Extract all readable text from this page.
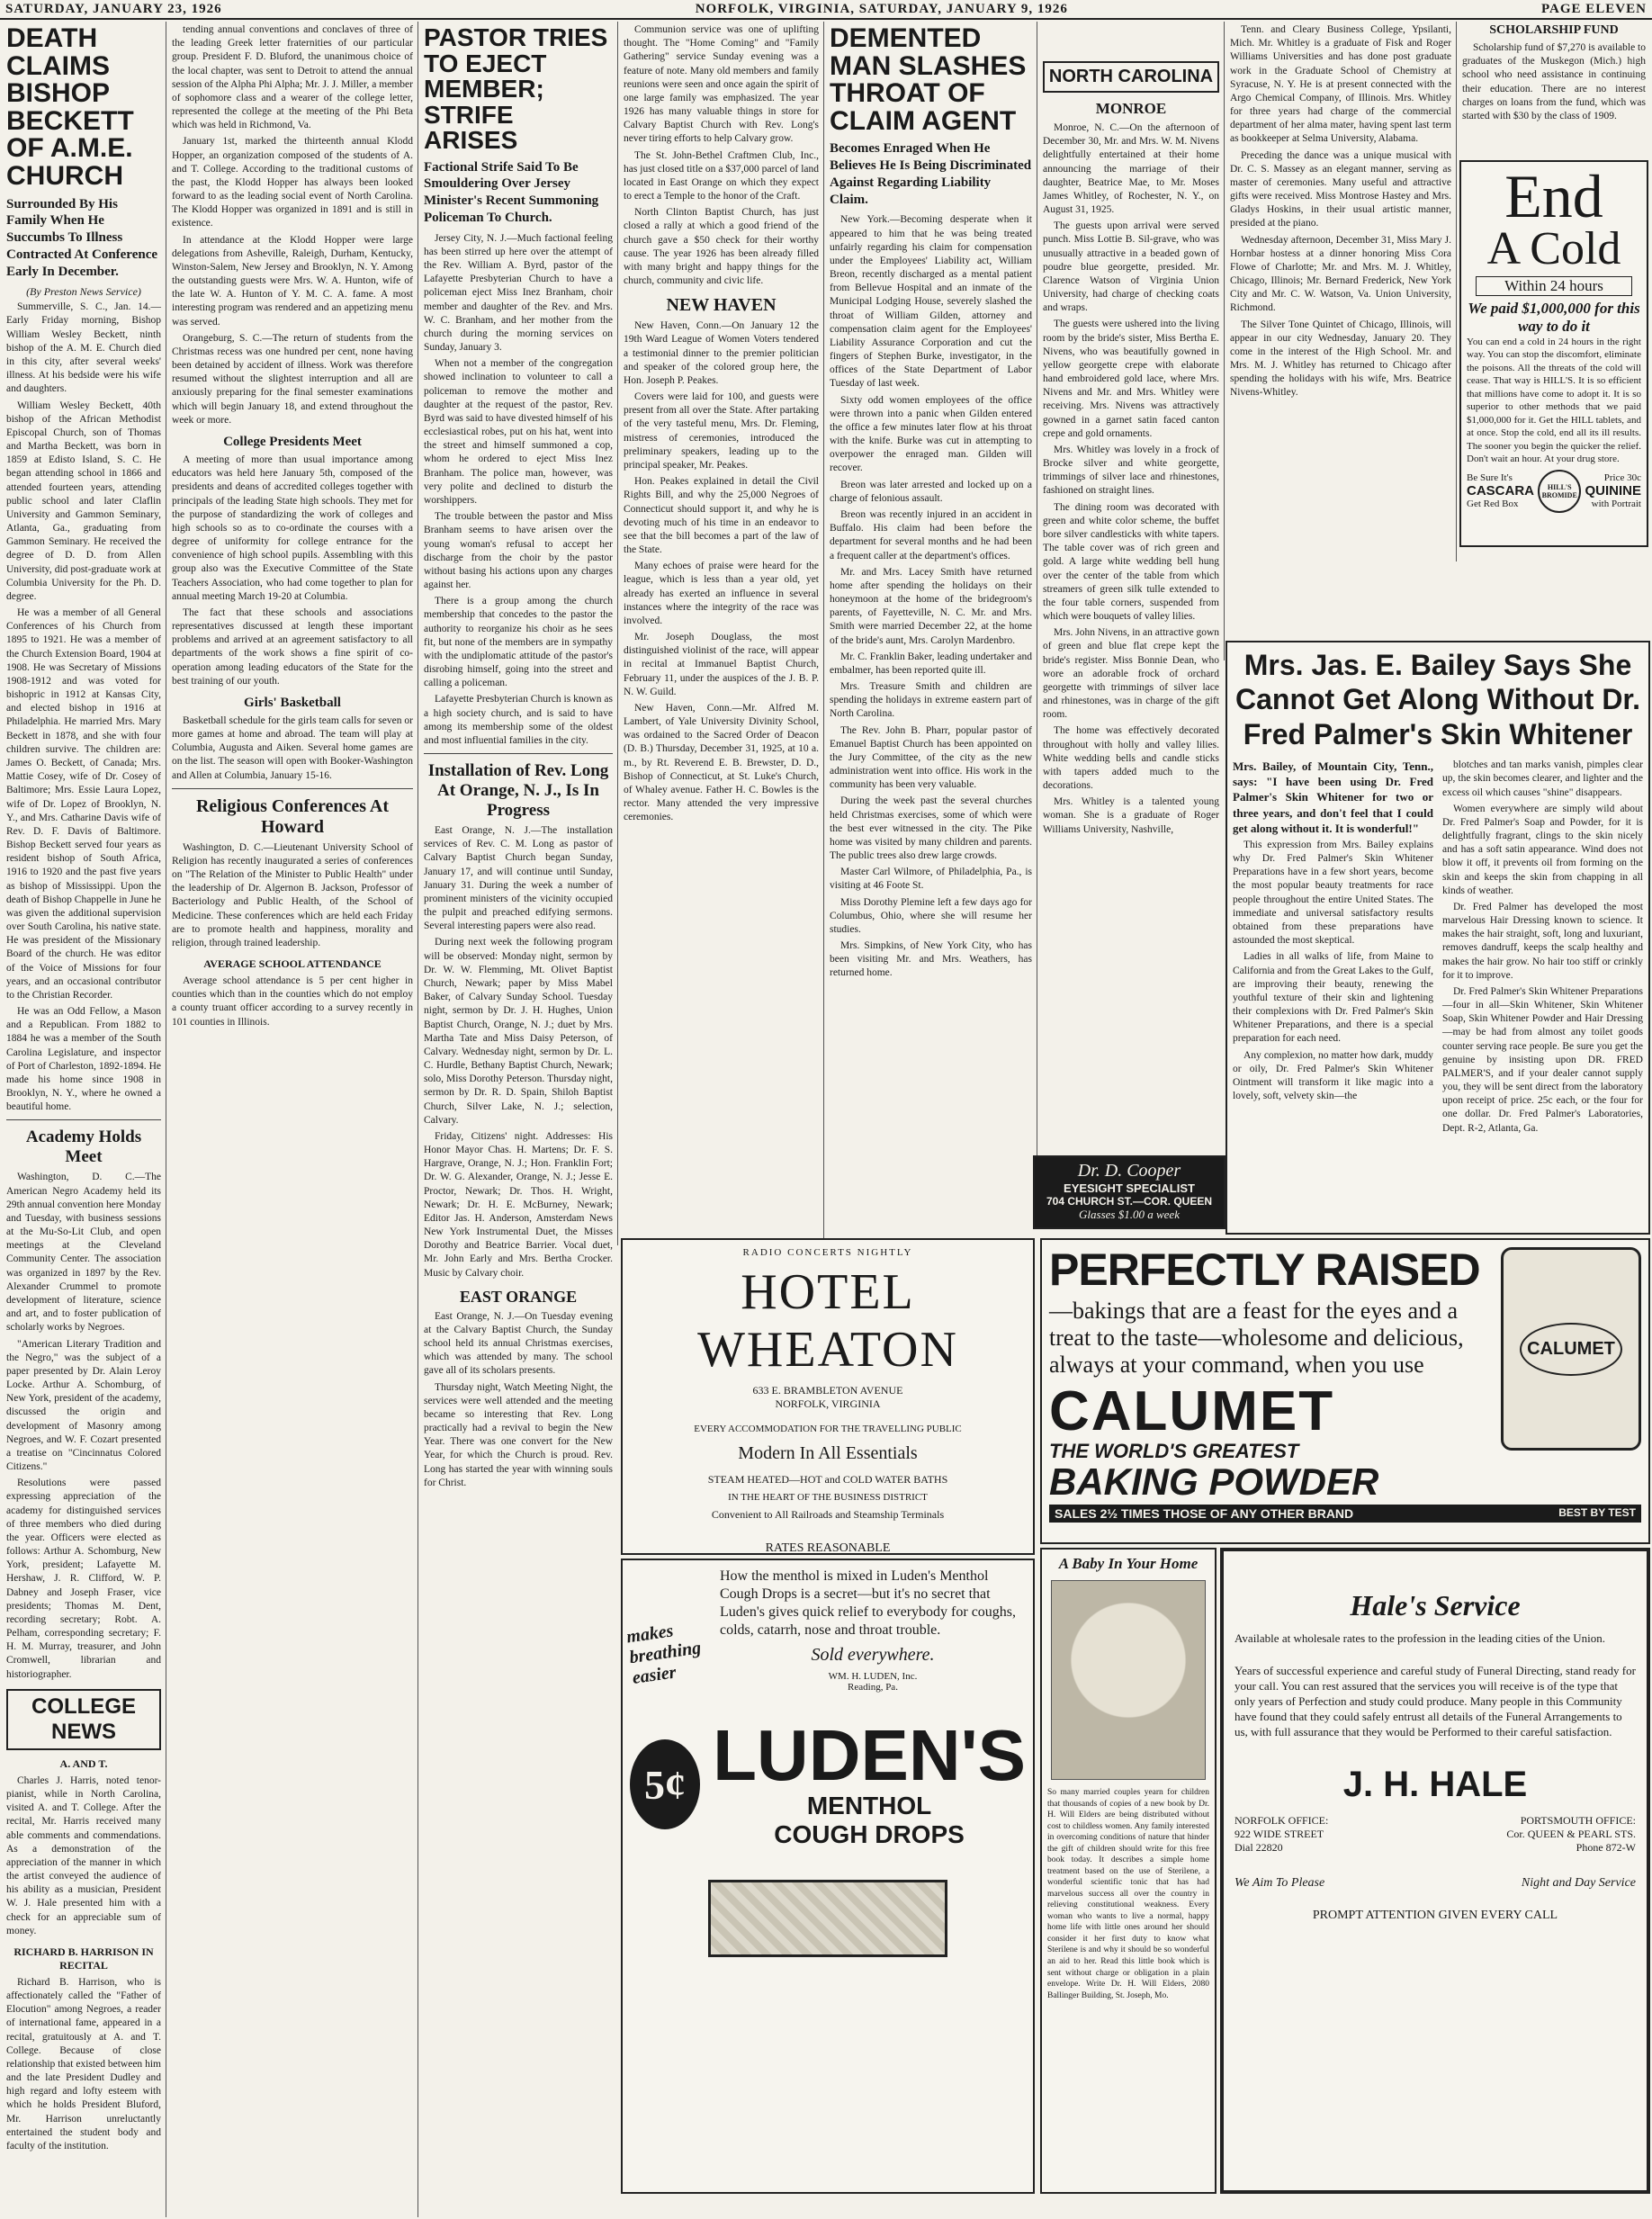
SATURDAY, JANUARY 23, 1926	NORFOLK, VIRGINIA, SATURDAY, JANUARY 9, 1926	PAGE ELEVEN
DEATH CLAIMS BISHOP BECKETT OF A.M.E. CHURCH
Surrounded By His Family When He Succumbs To Illness Contracted At Conference Early In December.
(By Preston News Service)

Summerville, S. C., Jan. 14.—Early Friday morning, Bishop William Wesley Beckett, ninth bishop of the A. M. E. Church died in this city, after several weeks' illness. At his bedside were his wife and daughters.

William Wesley Beckett, 40th bishop of the African Methodist Episcopal Church, son of Thomas and Martha Beckett, was born in 1859 at Edisto Island, S. C. He began attending school in 1866 and attended fourteen years, attending public school and later Claflin University and Gammon Seminary, Atlanta, Ga., graduating from Gammon Seminary. He received the degree of D. D. from Allen University, did post-graduate work at Columbia University for the Ph. D. degree.

He was a member of all General Conferences of his Church from 1895 to 1921. He was a member of the Church Extension Board, 1904 at 1908. He was Secretary of Missions 1908-1912 and was voted for bishopric in 1912 at Kansas City, and elected bishop in 1916 at Philadelphia. He married Mrs. Mary Beckett in 1878, and she with four children survive. The children are: James O. Beckett, of Canada; Mrs. Mattie Cosey, wife of Dr. Cosey of Baltimore; Mrs. Essie Laura Lopez, wife of Dr. Lopez of Brooklyn, N. Y., and Mrs. Catharine Davis wife of Rev. D. F. Davis of Baltimore. Bishop Beckett served four years as resident bishop of South Africa, 1916 to 1920 and the past five years as bishop of Mississippi. Upon the death of Bishop Chappelle in June he was given the additional supervision over South Carolina, his native state. He was president of the Missionary Board of the church. He was editor of the Voice of Missions for four years, and an occasional contributor to the Christian Recorder.

He was an Odd Fellow, a Mason and a Republican. From 1882 to 1884 he was a member of the South Carolina Legislature, and inspector of Port of Charleston, 1892-1894. He made his home since 1908 in Brooklyn, N. Y., where he owned a beautiful home.

Academy Holds Meet

Washington, D. C.—The American Negro Academy held its 29th annual convention here Monday and Tuesday, with business sessions at the Mu-So-Lit Club, and open meetings at the Cleveland Community Center. The association was organized in 1897 by the Rev. Alexander Crummel to promote development of literature, science and art, and to foster publication of scholarly works by Negroes.

"American Literary Tradition and the Negro," was the subject of a paper presented by Dr. Alain Leroy Locke. Arthur A. Schomburg, of New York, president of the academy, discussed the origin and development of Masonry among Negroes, and W. F. Cozart presented a treatise on "Cincinnatus Colored Citizens."

Resolutions were passed expressing appreciation of the academy for distinguished services of three members who died during the year. Officers were elected as follows: Arthur A. Schomburg, New York, president; Lafayette M. Hershaw, J. R. Clifford, W. P. Dabney and Joseph Fraser, vice presidents; Thomas M. Dent, recording secretary; Robt. A. Pelham, corresponding secretary; F. H. M. Murray, treasurer, and John Cromwell, librarian and historiographer.

COLLEGE NEWS
A. AND T.

Charles J. Harris, noted tenor-pianist, while in North Carolina, visited A. and T. College. After the recital, Mr. Harris received many able comments and commendations. As a demonstration of the appreciation of the manner in which the artist conveyed the audience of his ability as a musician, President W. J. Hale presented him with a check for an appreciable sum of money.

RICHARD B. HARRISON IN RECITAL

Richard B. Harrison, who is affectionately called the "Father of Elocution" among Negroes, a reader of international fame, appeared in a recital, gratuitously at A. and T. College. Because of close relationship that existed between him and the late President Dudley and high regard and lofty esteem with which he holds President Bluford, Mr. Harrison unreluctantly entertained the student body and faculty of the institution.

tending annual conventions and conclaves of three of the leading Greek letter fraternities of our particular group. President F. D. Bluford, the unanimous choice of the local chapter, was sent to Detroit to attend the annual session of the Alpha Phi Alpha; Mr. J. J. Miller, a member of sophomore class and a wearer of the college letter, represented the college at the meeting of the Phi Beta which was held in Richmond, Va.

January 1st, marked the thirteenth annual Klodd Hopper, an organization composed of the students of A. and T. College. According to the traditional customs of the past, the Klodd Hopper has always been looked forward to as the leading social event of North Carolina. The Klodd Hopper was organized in 1891 and is still in existence.

In attendance at the Klodd Hopper were large delegations from Asheville, Raleigh, Durham, Kentucky, Winston-Salem, New Jersey and Brooklyn, N. Y. Among the outstanding guests were Mrs. W. A. Hunton, wife of the late W. A. Hunton of Y. M. C. A. fame. A most interesting program was rendered and an appetizing menu was served.

Orangeburg, S. C.—The return of students from the Christmas recess was one hundred per cent, none having been detained by accident of illness. Work was therefore resumed without the slightest interruption and all are anxiously preparing for the final semester examinations which will begin January 18, and extend throughout the week or more.

College Presidents Meet

A meeting of more than usual importance among educators was held here January 5th, composed of the presidents and deans of accredited colleges together with principals of the leading State high schools. They met for the purpose of standardizing the work of colleges and high schools so as to co-ordinate the courses with a degree of uniformity for college entrance for the convenience of high school pupils. Assembling with this group also was the Executive Committee of the State Teachers Association, who had come together to plan for annual meeting March 19-20 at Columbia.

The fact that these schools and associations representatives discussed at length these important problems and arrived at an agreement satisfactory to all departments of the work shows a fine spirit of co-operation among leading educators of the State for the best training of our youth.

Girls' Basketball

Basketball schedule for the girls team calls for seven or more games at home and abroad. The team will play at Columbia, Augusta and Aiken. Several home games are on the list. The season will open with Booker-Washington and Allen at Columbia, January 15-16.

Religious Conferences At Howard

Washington, D. C.—Lieutenant University School of Religion has recently inaugurated a series of conferences on "The Relation of the Minister to Public Health" under the leadership of Dr. Algernon B. Jackson, Professor of Bacteriology and Public Health, of the School of Medicine. These conferences which are held each Friday are to promote health and happiness, morality and religion, through trained leadership.

AVERAGE SCHOOL ATTENDANCE

Average school attendance is 5 per cent higher in counties which than in the counties which do not employ a county truant officer according to a survey recently in 101 counties in Illinois.

PASTOR TRIES TO EJECT MEMBER; STRIFE ARISES
Factional Strife Said To Be Smouldering Over Jersey Minister's Recent Summoning Policeman To Church.

Jersey City, N. J.—Much factional feeling has been stirred up here over the attempt of the Rev. William A. Byrd, pastor of the Lafayette Presbyterian Church to have a policeman eject Miss Inez Branham, choir member and daughter of the Rev. and Mrs. W. C. Branham, and her mother from the church during the morning services on Sunday, January 3.

When not a member of the congregation showed inclination to volunteer to call a policeman to remove the mother and daughter at the request of the pastor, Rev. Byrd was said to have divested himself of his ecclesiastical robes, put on his hat, went into the street and himself summoned a cop, whom he ordered to eject Miss Inez Branham. The police man, however, was very polite and declined to disturb the worshippers.

The trouble between the pastor and Miss Branham seems to have arisen over the young woman's refusal to accept her discharge from the choir by the pastor without basing his actions upon any charges against her.

There is a group among the church membership that concedes to the pastor the authority to reorganize his choir as he sees fit, but none of the members are in sympathy with the undiplomatic attitude of the pastor's disrobing himself, going into the street and calling a policeman.

Lafayette Presbyterian Church is known as a high society church, and is said to have among its membership some of the oldest and most influential families in the city.

Installation of Rev. Long At Orange, N. J., Is In Progress

East Orange, N. J.—The installation services of Rev. C. M. Long as pastor of Calvary Baptist Church began Sunday, January 17, and will continue until Sunday, January 31. During the week a number of prominent ministers of the vicinity occupied the pulpit and preached edifying sermons. Several interesting papers were also read.

During next week the following program will be observed: Monday night, sermon by Dr. W. W. Flemming, Mt. Olivet Baptist Church, Newark; paper by Miss Mabel Baker, of Calvary Sunday School. Tuesday night, sermon by Dr. J. H. Hughes, Union Baptist Church, Orange, N. J.; duet by Mrs. Martha Tate and Miss Daisy Peterson, of Calvary. Wednesday night, sermon by Dr. L. C. Hurdle, Bethany Baptist Church, Newark; solo, Miss Dorothy Peterson. Thursday night, sermon by Dr. R. D. Spain, Shiloh Baptist Church, Silver Lake, N. J.; selection, Calvary.

Friday, Citizens' night. Addresses: His Honor Mayor Chas. H. Martens; Dr. F. S. Hargrave, Orange, N. J.; Hon. Franklin Fort; Dr. W. G. Alexander, Orange, N. J.; Jesse E. Proctor, Newark; Dr. Thos. H. Wright, Newark; Dr. H. E. McBurney, Newark; Editor Jas. H. Anderson, Amsterdam News New York Instrumental Duet, the Misses Dorothy and Beatrice Barrier. Vocal duet, Mr. John Early and Mrs. Bertha Crocker. Music by Calvary choir.

EAST ORANGE

East Orange, N. J.—On Tuesday evening at the Calvary Baptist Church, the Sunday school held its annual Christmas exercises, which was attended by many. The school gave all of its scholars presents.

Thursday night, Watch Meeting Night, the services were well attended and the meeting became so interesting that Rev. Long practically had a revival to begin the New Year. There was one convert for the New Year, for which the Church is proud. Rev. Long has started the year with winning souls for Christ.

Communion service was one of uplifting thought. The "Home Coming" and "Family Gathering" service Sunday evening was a feature of note. Many old members and family reunions were seen and once again the spirit of one large family was emphasized. The year 1926 has many valuable things in store for Calvary Baptist Church with Rev. Long's never tiring efforts to help Calvary grow.

The St. John-Bethel Craftmen Club, Inc., has just closed title on a $37,000 parcel of land located in East Orange on which they expect to erect a Temple to the honor of the Craft.

North Clinton Baptist Church, has just closed a rally at which a good friend of the church gave a $50 check for their worthy cause. The year 1926 has been already filled with many bright and happy things for the church, community and civic life.

NEW HAVEN

New Haven, Conn.—On January 12 the 19th Ward League of Women Voters tendered a testimonial dinner to the premier politician and speaker of the colored group here, the Hon. Joseph P. Peakes.

Covers were laid for 100, and guests were present from all over the State. After partaking of the very tasteful menu, Mrs. Dr. Fleming, mistress of ceremonies, introduced the preliminary speakers, leading up to the principal speaker, Mr. Peakes.

Hon. Peakes explained in detail the Civil Rights Bill, and why the 25,000 Negroes of Connecticut should support it, and why he is devoting much of his time in an endeavor to see that the bill becomes a part of the law of the State.

Many echoes of praise were heard for the league, which is less than a year old, yet already has exerted an influence in several instances where the integrity of the race was involved.

Mr. Joseph Douglass, the most distinguished violinist of the race, will appear in recital at Immanuel Baptist Church, February 11, under the auspices of the J. B. P. N. W. Guild.

New Haven, Conn.—Mr. Alfred M. Lambert, of Yale University Divinity School, was ordained to the Sacred Order of Deacon (D. B.) Thursday, December 31, 1925, at 10 a. m., by Rt. Reverend E. B. Brewster, D. D., Bishop of Connecticut, at St. Luke's Church, of Whaley avenue. Father H. C. Bowles is the rector. Many attended the very impressive ceremonies.

DEMENTED MAN SLASHES THROAT OF CLAIM AGENT
Becomes Enraged When He Believes He Is Being Discriminated Against Regarding Liability Claim.

New York.—Becoming desperate when it appeared to him that he was being treated unfairly regarding his claim for compensation under the Employees' Liability act, William Breon, recently discharged as a mental patient from Bellevue Hospital and an inmate of the Municipal Lodging House, severely slashed the throat of William Gilden, attorney and compensation claim agent for the Employees' Liability Assurance Corporation and cut the fingers of Stephen Burke, investigator, in the offices of the State Department of Labor Tuesday of last week.

Sixty odd women employees of the office were thrown into a panic when Gilden entered the office a few minutes later flow at his throat with the knife. Burke was cut in attempting to overpower the enraged man. Gilden will recover.

Breon was later arrested and locked up on a charge of felonious assault.

Breon was recently injured in an accident in Buffalo. His claim had been before the department for several months and he had been a frequent caller at the department's offices.

Mr. and Mrs. Lacey Smith have returned home after spending the holidays on their honeymoon at the home of the bridegroom's parents, of Fayetteville, N. C. Mr. and Mrs. Smith were married December 22, at the home of the bride's aunt, Mrs. Carolyn Mardenbro.

Mr. C. Franklin Baker, leading undertaker and embalmer, has been reported quite ill.

Mrs. Treasure Smith and children are spending the holidays in extreme eastern part of North Carolina.

The Rev. John B. Pharr, popular pastor of Emanuel Baptist Church has been appointed on the Jury Committee, of the city as the new administration went into office. His work in the community has been very valuable.

During the week past the several churches held Christmas exercises, some of which were the best ever witnessed in the city. The Pike home was visited by many children and parents. The public trees also drew large crowds.

Master Carl Wilmore, of Philadelphia, Pa., is visiting at 46 Foote St.

Miss Dorothy Plemine left a few days ago for Columbus, Ohio, where she will resume her studies.

Mrs. Simpkins, of New York City, who has been visiting Mr. and Mrs. Weathers, has returned home.

NORTH CAROLINA
MONROE

Monroe, N. C.—On the afternoon of December 30, Mr. and Mrs. W. M. Nivens delightfully entertained at their home announcing the marriage of their daughter, Beatrice Mae, to Mr. Moses James Whitley, of Rochester, N. Y., on August 31, 1925.

The guests upon arrival were served punch. Miss Lottie B. Sil-grave, who was unusually attractive in a beaded gown of poudre blue georgette, presided. Mr. Clarence Watson of Virginia Union University, had charge of checking coats and wraps.

The guests were ushered into the living room by the bride's sister, Miss Bertha E. Nivens, who was beautifully gowned in yellow georgette crepe with elaborate hand embroidered gold lace, where Mrs. Nivens and Mr. and Mrs. Whitley were receiving. Mrs. Nivens was attractively gowned in a garnet satin faced canton crepe and gold ornaments.

Mrs. Whitley was lovely in a frock of Brocke silver and white georgette, trimmings of silver lace and rhinestones, fashioned on straight lines.

The dining room was decorated with green and white color scheme, the buffet bore silver candlesticks with white tapers. The table cover was of rich green and gold. A large white wedding bell hung over the center of the table from which streamers of green silk tulle extended to the four table corners, suspended from which were bouquets of valley lilies.

Mrs. John Nivens, in an attractive gown of green and blue flat crepe kept the bride's register. Miss Bonnie Dean, who wore an adorable frock of orchard georgette with trimmings of silver lace and rhinestones, was in charge of the gift room.

The home was effectively decorated throughout with holly and valley lilies. White wedding bells and candle sticks with tapers added much to the decorations.

Mrs. Whitley is a talented young woman. She is a graduate of Roger Williams University, Nashville,

Dr. D. Cooper
EYESIGHT SPECIALIST
704 CHURCH ST.—COR. QUEEN
Glasses $1.00 a week

Tenn. and Cleary Business College, Ypsilanti, Mich. Mr. Whitley is a graduate of Fisk and Roger Williams Universities and has done post graduate work in the Graduate School of Chemistry at Syracuse, N. Y. He is at present connected with the Argo Chemical Company, of Illinois. Mrs. Whitley for three years had charge of the commercial department of her alma mater, having spent last term as bookkeeper at Selma University, Alabama.

Preceding the dance was a unique musical with Dr. C. S. Massey as an elegant manner, serving as master of ceremonies. Many useful and attractive gifts were received. Miss Montrose Hastey and Mrs. Gladys Hoskins, in their usual artistic manner, presided at the piano.

Wednesday afternoon, December 31, Miss Mary J. Hornbar hostess at a dinner honoring Miss Cora Flowe of Charlotte; Mr. and Mrs. M. J. Whitley, Chicago, Illinois; Mr. Bernard Frederick, New York City and Mr. C. W. Watson, Va. Union University, Richmond.

The Silver Tone Quintet of Chicago, Illinois, will appear in our city Wednesday, January 20. They come in the interest of the High School. Mr. and Mrs. M. J. Whitley has returned to Chicago after spending the holidays with his wife, Mrs. Beatrice Nivens-Whitley.

SCHOLARSHIP FUND

Scholarship fund of $7,270 is available to graduates of the Muskegon (Mich.) high school who need assistance in continuing their education. There are no interest charges on loans from the fund, which was started with $30 by the class of 1909.

End
A Cold
Within 24 hours
We paid $1,000,000 for this way to do it

You can end a cold in 24 hours in the right way. You can stop the discomfort, eliminate the poisons. All the threats of the cold will cease. That way is HILL'S. It is so efficient that millions have come to adopt it. It is so superior to other methods that we paid $1,000,000 for it. Get the HILL tablets, and at once. Stop the cold, end all its ill results. The sooner you begin the quicker the relief. Don't wait an hour. At your drug store.

Be Sure It's
CASCARA
Get Red Box
HILL'S BROMIDE
Price 30c
QUININE
with Portrait
Mrs. Jas. E. Bailey Says She Cannot Get Along Without Dr. Fred Palmer's Skin Whitener

Mrs. Bailey, of Mountain City, Tenn., says: "I have been using Dr. Fred Palmer's Skin Whitener for two or three years, and don't feel that I could get along without it. It is wonderful!"

This expression from Mrs. Bailey explains why Dr. Fred Palmer's Skin Whitener Preparations have in a few short years, become the most popular beauty treatments for race people throughout the entire United States. The immediate and universal satisfactory results obtained from these preparations have astounded the most skeptical.

Ladies in all walks of life, from Maine to California and from the Great Lakes to the Gulf, are improving their beauty, renewing the youthful texture of their skin and lightening their complexions with Dr. Fred Palmer's Skin Whitener Preparations, and there is a special preparation for each need.

Any complexion, no matter how dark, muddy or oily, Dr. Fred Palmer's Skin Whitener Ointment will transform it like magic into a lovely, soft, velvety skin—the

blotches and tan marks vanish, pimples clear up, the skin becomes clearer, and lighter and the excess oil which causes "shine" disappears.

Women everywhere are simply wild about Dr. Fred Palmer's Soap and Powder, for it is delightfully fragrant, clings to the skin nicely and has a soft satin appearance. Wind does not blow it off, it prevents oil from forming on the skin and keeps the skin from chapping in all kinds of weather.

Dr. Fred Palmer has developed the most marvelous Hair Dressing known to science. It makes the hair straight, soft, long and luxuriant, removes dandruff, keeps the scalp healthy and makes the hair grow. No hair too stiff or crinkly for it to improve.

Dr. Fred Palmer's Skin Whitener Preparations—four in all—Skin Whitener, Skin Whitener Soap, Skin Whitener Powder and Hair Dressing—may be had from almost any toilet goods counter serving race people. Be sure you get the genuine by insisting upon DR. FRED PALMER'S, and if your dealer cannot supply you, they will be sent direct from the laboratory upon receipt of price. 25c each, or the four for one dollar. Dr. Fred Palmer's Laboratories, Dept. R-2, Atlanta, Ga.

RADIO CONCERTS NIGHTLY
HOTEL WHEATON
633 E. BRAMBLETON AVENUE
NORFOLK, VIRGINIA
EVERY ACCOMMODATION FOR THE TRAVELLING PUBLIC
Modern In All Essentials
STEAM HEATED—HOT and COLD WATER BATHS
IN THE HEART OF THE BUSINESS DISTRICT
Convenient to All Railroads and Steamship Terminals
RATES REASONABLE
PERFECTLY RAISED
—bakings that are a feast for the eyes and a treat to the taste—wholesome and delicious, always at your command, when you use
CALUMET
THE WORLD'S GREATEST
BAKING POWDER
CALUMET
SALES 2½ TIMES THOSE OF ANY OTHER BRAND	BEST BY TEST
makes breathing easier
How the menthol is mixed in Luden's Menthol Cough Drops is a secret—but it's no secret that Luden's gives quick relief to everybody for coughs, colds, catarrh, nose and throat trouble.
Sold everywhere.
WM. H. LUDEN, Inc.
Reading, Pa.
5¢ LUDEN'S
MENTHOL
COUGH DROPS
A Baby In Your Home

So many married couples yearn for children that thousands of copies of a new book by Dr. H. Will Elders are being distributed without cost to childless women. Any family interested in overcoming conditions of nature that hinder the gift of children should write for this free book today. It describes a simple home treatment based on the use of Sterilene, a wonderful scientific tonic that has had marvelous success all over the country in relieving constitutional weakness. Every woman who wants to live a normal, happy home life with little ones around her should consider it her first duty to know what Sterilene is and why it should be so wonderful an aid to her. Read this little book which is sent without charge or obligation in a plain envelope. Write Dr. H. Will Elders, 2080 Ballinger Building, St. Joseph, Mo.

Hale's Service
Available at wholesale rates to the profession in the leading cities of the Union.
Years of successful experience and careful study of Funeral Directing, stand ready for your call. You can rest assured that the services you will receive is of the type that only years of Perfection and study could produce. Many people in this Community have found that they could safely entrust all details of the Funeral Arrangements to us, with full assurance that they would be Performed to their careful satisfaction.
J. H. HALE
NORFOLK OFFICE:
922 WIDE STREET
Dial 22820
PORTSMOUTH OFFICE:
Cor. QUEEN & PEARL STS.
Phone 872-W
We Aim To Please	Night and Day Service
PROMPT ATTENTION GIVEN EVERY CALL
